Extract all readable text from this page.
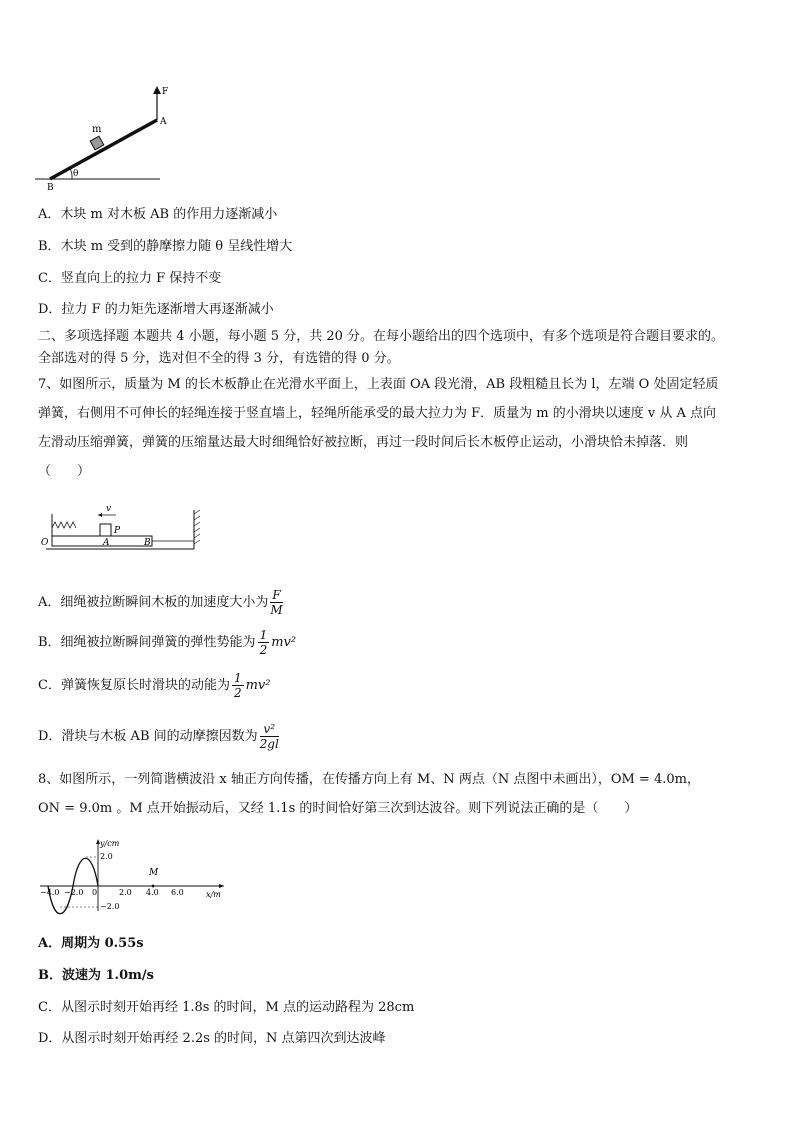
F
A
B
m
θ
A．木块 m 对木板 AB 的作用力逐渐减小
B．木块 m 受到的静摩擦力随 θ 呈线性增大
C．竖直向上的拉力 F 保持不变
D．拉力 F 的力矩先逐渐增大再逐渐减小
二、多项选择题 本题共 4 小题，每小题 5 分，共 20 分。在每小题给出的四个选项中，有多个选项是符合题目要求的。
全部选对的得 5 分，选对但不全的得 3 分，有选错的得 0 分。
7、如图所示，质量为 M 的长木板静止在光滑水平面上，上表面 OA 段光滑，AB 段粗糙且长为 l，左端 O 处固定轻质
弹簧，右侧用不可伸长的轻绳连接于竖直墙上，轻绳所能承受的最大拉力为 F．质量为 m 的小滑块以速度 v 从 A 点向
左滑动压缩弹簧，弹簧的压缩量达最大时细绳恰好被拉断，再过一段时间后长木板停止运动，小滑块恰未掉落．则
（　　）
v
P
O	A	B
A．细绳被拉断瞬间木板的加速度大小为 $\frac{F}{M}$
B．细绳被拉断瞬间弹簧的弹性势能为 $\frac{1}{2} mv^2$
C．弹簧恢复原长时滑块的动能为 $\frac{1}{2} mv^2$
D．滑块与木板 AB 间的动摩擦因数为 $\frac{\text{v²}}{2gl}$
8、如图所示，一列简谐横波沿 x 轴正方向传播，在传播方向上有 M、N 两点（N 点图中未画出），OM = 4.0m，
ON = 9.0m 。M 点开始振动后，又经 1.1s 的时间恰好第三次到达波谷。则下列说法正确的是（　　）
y/cm
2.0
−2.0
M
x/m
−4.0 −2.0 0	2.0 4.0 6.0
A．周期为 0.55s
B．波速为 1.0m/s
C．从图示时刻开始再经 1.8s 的时间，M 点的运动路程为 28cm
D．从图示时刻开始再经 2.2s 的时间，N 点第四次到达波峰
